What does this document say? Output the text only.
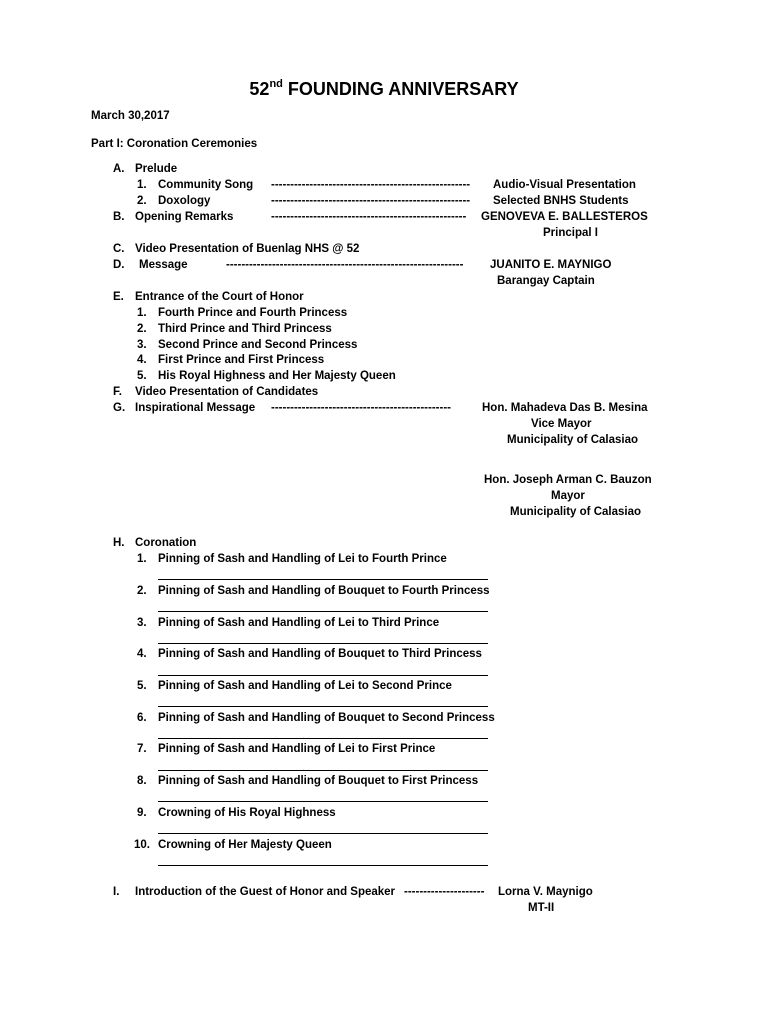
52nd FOUNDING ANNIVERSARY
March 30,2017
Part I: Coronation Ceremonies
A. Prelude
1. Community Song ---------------------------------------------------- Audio-Visual Presentation
2. Doxology	---------------------------------------------------- Selected BNHS Students
B. Opening Remarks	--------------------------------------------------- GENOVEVA E. BALLESTEROS
Principal I
C. Video Presentation of Buenlag NHS @ 52
D. Message	-------------------------------------------------------------- JUANITO E. MAYNIGO
Barangay Captain
E. Entrance of the Court of Honor
1. Fourth Prince and Fourth Princess
2. Third Prince and Third Princess
3. Second Prince and Second Princess
4. First Prince and First Princess
5. His Royal Highness and Her Majesty Queen
F. Video Presentation of Candidates
G. Inspirational Message -----------------------------------------------	Hon. Mahadeva Das B. Mesina
Vice Mayor
Municipality of Calasiao
Hon. Joseph Arman C. Bauzon
Mayor
Municipality of Calasiao
H. Coronation
1. Pinning of Sash and Handling of Lei to Fourth Prince
2. Pinning of Sash and Handling of Bouquet to Fourth Princess
3. Pinning of Sash and Handling of Lei to Third Prince
4. Pinning of Sash and Handling of Bouquet to Third Princess
5. Pinning of Sash and Handling of Lei to Second Prince
6. Pinning of Sash and Handling of Bouquet to Second Princess
7. Pinning of Sash and Handling of Lei to First Prince
8. Pinning of Sash and Handling of Bouquet to First Princess
9. Crowning of His Royal Highness
10. Crowning of Her Majesty Queen
I. Introduction of the Guest of Honor and Speaker --------------------- Lorna V. Maynigo
MT-II
